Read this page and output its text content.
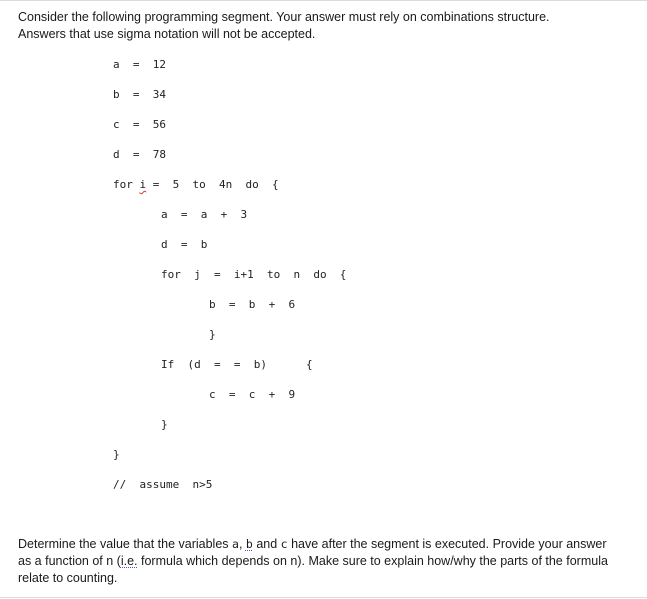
Consider the following programming segment. Your answer must rely on combinations structure.
Answers that use sigma notation will not be accepted.
a  =  12
b  =  34
c  =  56
d  =  78
for i =  5  to  4n  do  {
a  =  a  +  3
d  =  b
for  j  =  i+1  to  n  do  {
b  =  b  +  6
}
If  (d  =  =  b)	{
c  =  c  +  9
}
}
//  assume  n>5

Determine the value that the variables a, b and c have after the segment is executed. Provide your answer as a function of n (i.e. formula which depends on n). Make sure to explain how/why the parts of the formula relate to counting.
